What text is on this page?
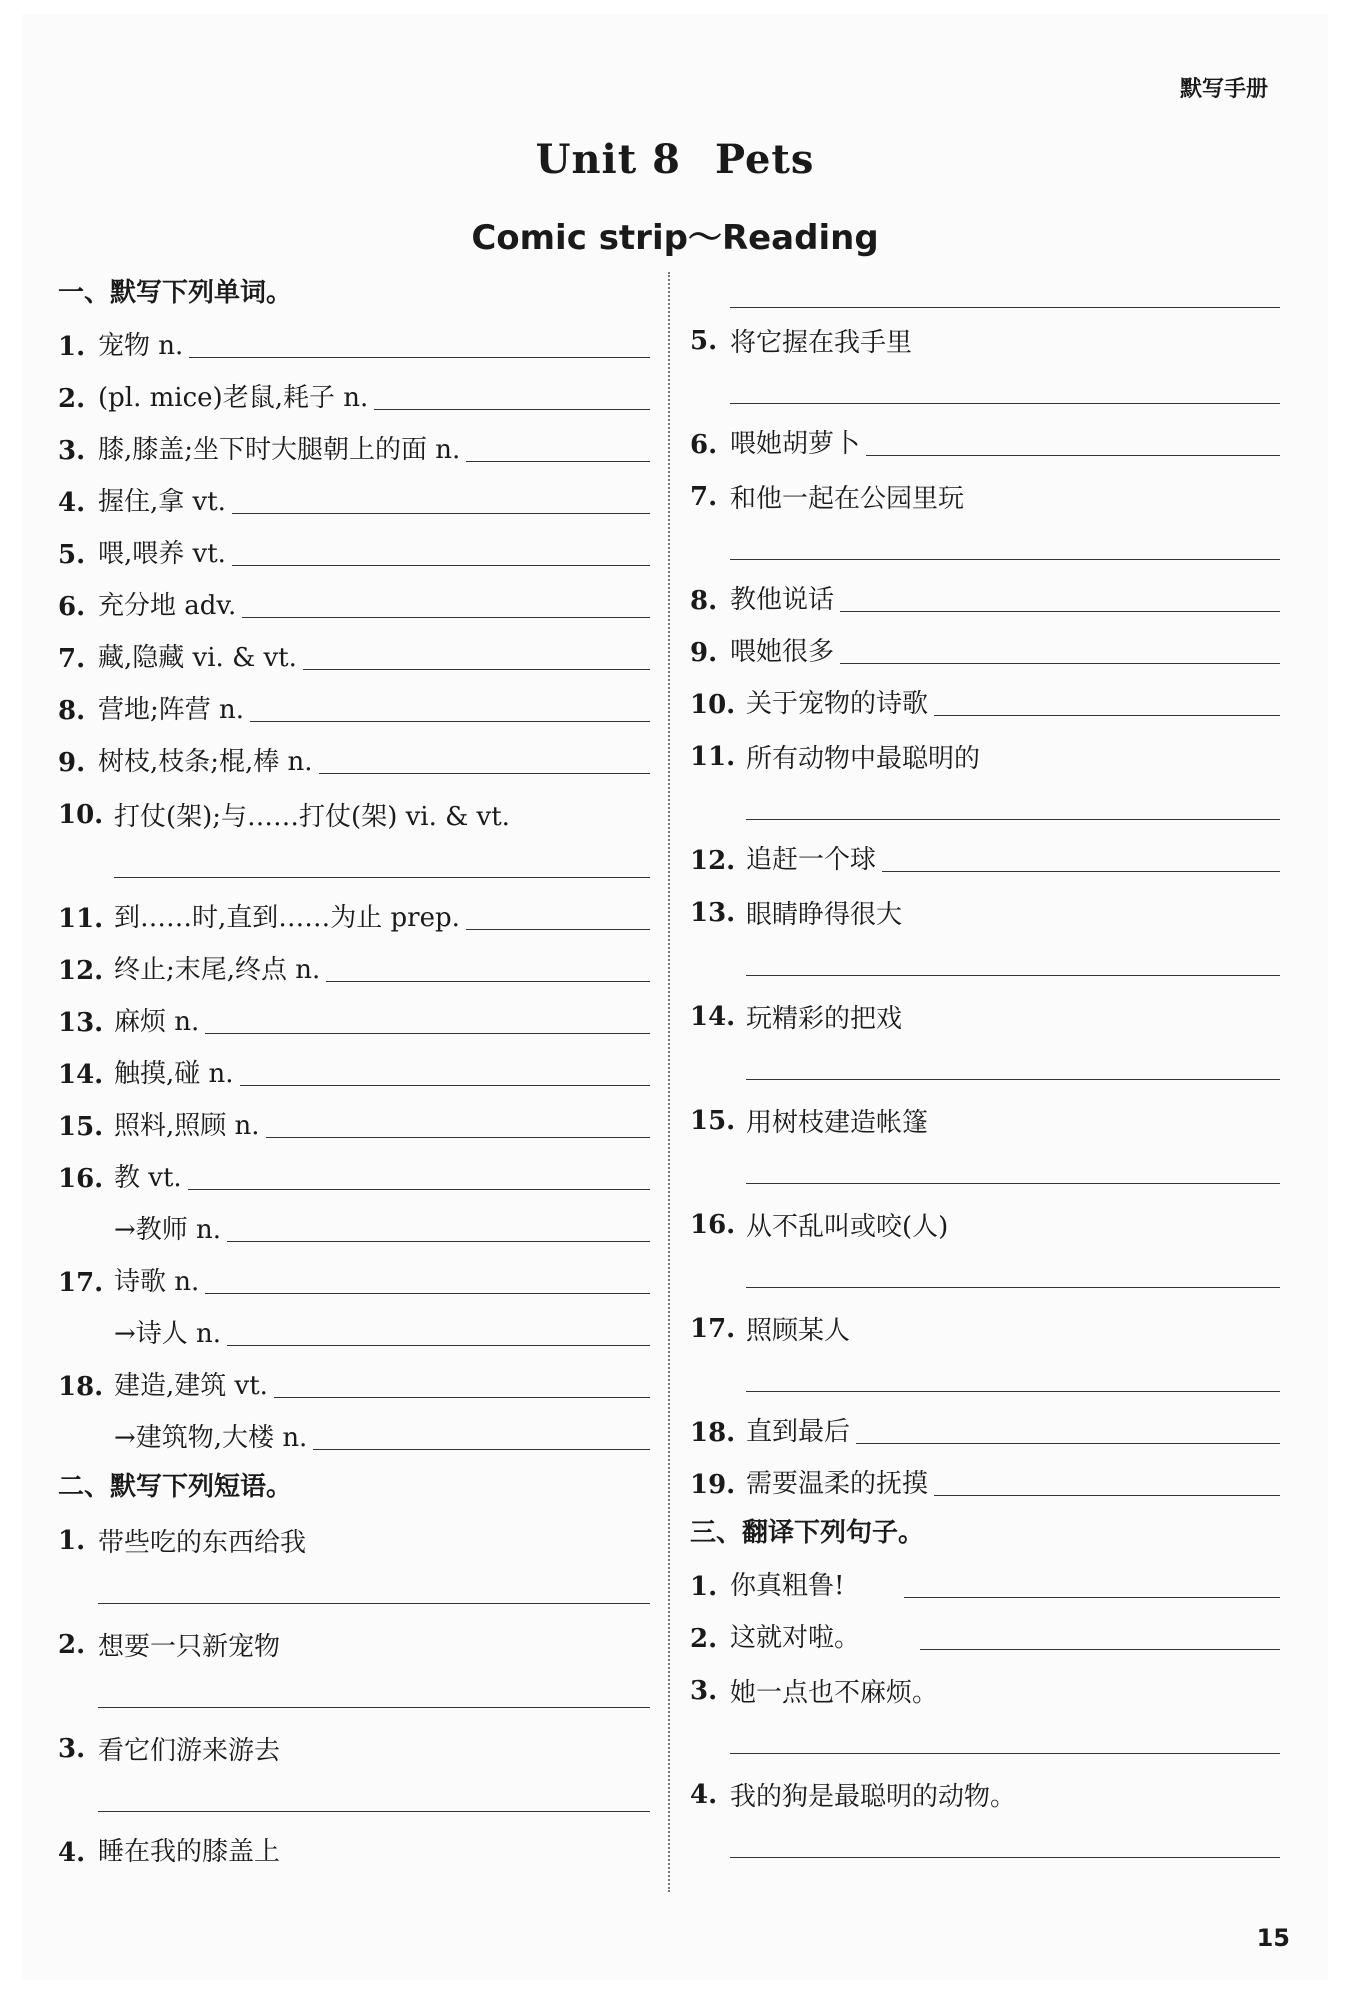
默写手册
Unit 8 Pets
Comic strip～Reading
一、默写下列单词。
1. 宠物 n.
2. (pl. mice)老鼠,耗子 n.
3. 膝,膝盖;坐下时大腿朝上的面 n.
4. 握住,拿 vt.
5. 喂,喂养 vt.
6. 充分地 adv.
7. 藏,隐藏 vi. & vt.
8. 营地;阵营 n.
9. 树枝,枝条;棍,棒 n.
10. 打仗(架);与……打仗(架) vi. & vt.
11. 到……时,直到……为止 prep.
12. 终止;末尾,终点 n.
13. 麻烦 n.
14. 触摸,碰 n.
15. 照料,照顾 n.
16. 教 vt.
→教师 n.
17. 诗歌 n.
→诗人 n.
18. 建造,建筑 vt.
→建筑物,大楼 n.
二、默写下列短语。
1. 带些吃的东西给我
2. 想要一只新宠物
3. 看它们游来游去
4. 睡在我的膝盖上
5. 将它握在我手里
6. 喂她胡萝卜
7. 和他一起在公园里玩
8. 教他说话
9. 喂她很多
10. 关于宠物的诗歌
11. 所有动物中最聪明的
12. 追赶一个球
13. 眼睛睁得很大
14. 玩精彩的把戏
15. 用树枝建造帐篷
16. 从不乱叫或咬(人)
17. 照顾某人
18. 直到最后
19. 需要温柔的抚摸
三、翻译下列句子。
1. 你真粗鲁!
2. 这就对啦。
3. 她一点也不麻烦。
4. 我的狗是最聪明的动物。
15
